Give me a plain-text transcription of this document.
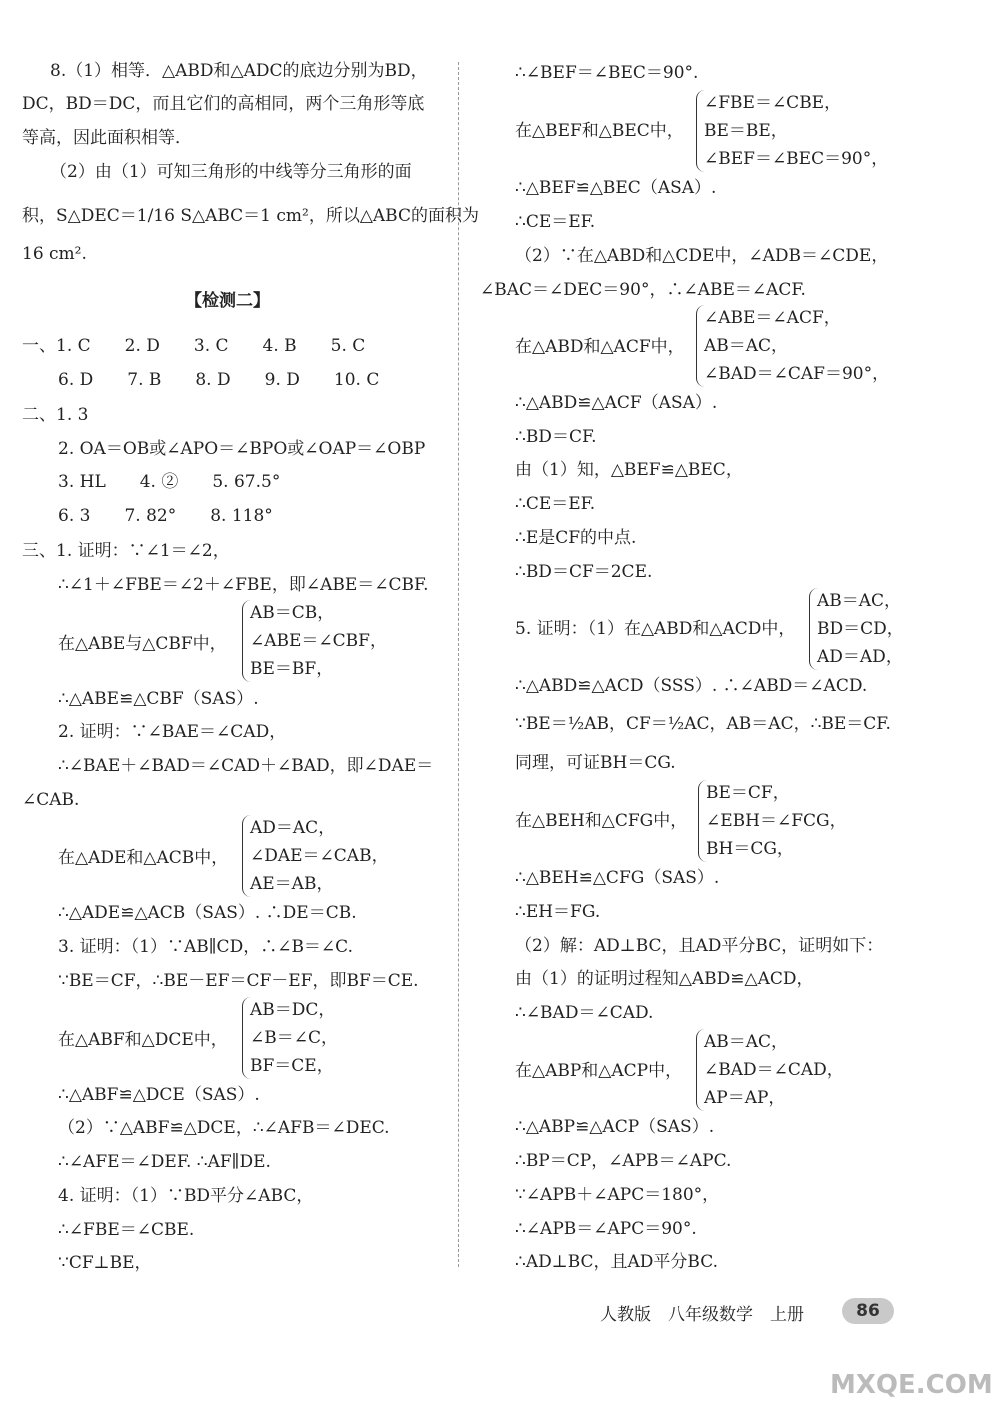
【检测二】
人教版　八年级数学　上册	86
MXQE.COM
8.（1）相等．△ABD和△ADC的底边分别为BD，
DC，BD＝DC，而且它们的高相同，两个三角形等底
等高，因此面积相等．
（2）由（1）可知三角形的中线等分三角形的面
积，S△DEC＝1/16 S△ABC＝1 cm²，所以△ABC的面积为
16 cm².
一、1. C　　2. D　　3. C　　4. B　　5. C
6. D　　7. B　　8. D　　9. D　　10. C
二、1. 3
2. OA＝OB或∠APO＝∠BPO或∠OAP＝∠OBP
3. HL　　4. ②　　5. 67.5°
6. 3　　7. 82°　　8. 118°
三、1. 证明：∵∠1＝∠2，
∴∠1＋∠FBE＝∠2＋∠FBE，即∠ABE＝∠CBF.
在△ABE与△CBF中，
AB＝CB，
∠ABE＝∠CBF，
BE＝BF，
∴△ABE≌△CBF（SAS）.
2. 证明：∵∠BAE＝∠CAD，
∴∠BAE＋∠BAD＝∠CAD＋∠BAD，即∠DAE＝
∠CAB.
在△ADE和△ACB中，
AD＝AC，
∠DAE＝∠CAB，
AE＝AB，
∴△ADE≌△ACB（SAS）. ∴DE＝CB.
3. 证明：（1）∵AB∥CD，∴∠B＝∠C.
∵BE＝CF，∴BE－EF＝CF－EF，即BF＝CE.
在△ABF和△DCE中，
AB＝DC，
∠B＝∠C，
BF＝CE，
∴△ABF≌△DCE（SAS）.
（2）∵△ABF≌△DCE，∴∠AFB＝∠DEC.
∴∠AFE＝∠DEF. ∴AF∥DE.
4. 证明：（1）∵BD平分∠ABC，
∴∠FBE＝∠CBE.
∵CF⊥BE，
∴∠BEF＝∠BEC＝90°.
在△BEF和△BEC中，
∠FBE＝∠CBE，
BE＝BE，
∠BEF＝∠BEC＝90°，
∴△BEF≌△BEC（ASA）.
∴CE＝EF.
（2）∵在△ABD和△CDE中，∠ADB＝∠CDE，
∠BAC＝∠DEC＝90°，∴∠ABE＝∠ACF.
在△ABD和△ACF中，
∠ABE＝∠ACF，
AB＝AC，
∠BAD＝∠CAF＝90°，
∴△ABD≌△ACF（ASA）.
∴BD＝CF.
由（1）知，△BEF≌△BEC，
∴CE＝EF.
∴E是CF的中点.
∴BD＝CF＝2CE.
5. 证明：（1）在△ABD和△ACD中，
AB＝AC，
BD＝CD，
AD＝AD，
∴△ABD≌△ACD（SSS）. ∴∠ABD＝∠ACD.
∵BE＝½AB，CF＝½AC，AB＝AC，∴BE＝CF.
同理，可证BH＝CG.
在△BEH和△CFG中，
BE＝CF，
∠EBH＝∠FCG，
BH＝CG，
∴△BEH≌△CFG（SAS）.
∴EH＝FG.
（2）解：AD⊥BC，且AD平分BC，证明如下：
由（1）的证明过程知△ABD≌△ACD，
∴∠BAD＝∠CAD.
在△ABP和△ACP中，
AB＝AC，
∠BAD＝∠CAD，
AP＝AP，
∴△ABP≌△ACP（SAS）.
∴BP＝CP，∠APB＝∠APC.
∵∠APB＋∠APC＝180°，
∴∠APB＝∠APC＝90°.
∴AD⊥BC，且AD平分BC.
